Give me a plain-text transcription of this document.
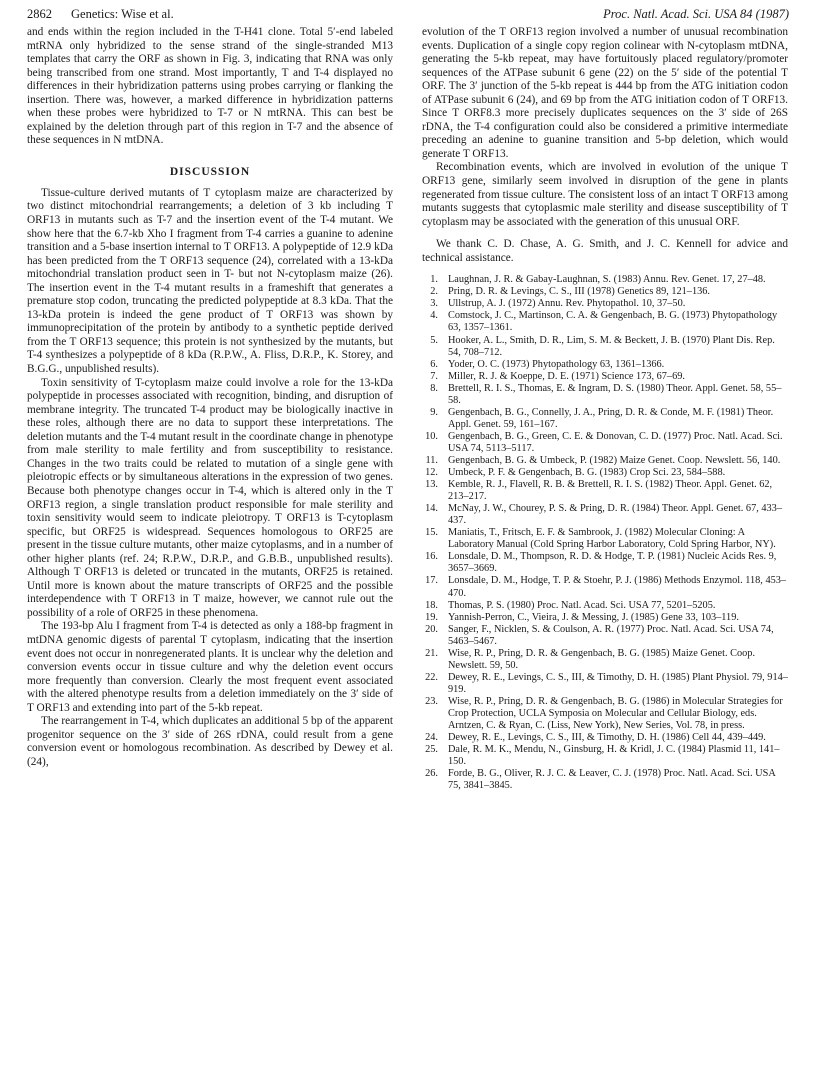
2862 Genetics: Wise et al.	Proc. Natl. Acad. Sci. USA 84 (1987)

and ends within the region included in the T-H41 clone. Total 5′-end labeled mtRNA only hybridized to the sense strand of the single-stranded M13 templates that carry the ORF as shown in Fig. 3, indicating that RNA was only being transcribed from one strand. Most importantly, T and T-4 displayed no differences in their hybridization patterns using probes carrying or flanking the insertion. There was, however, a marked difference in hybridization patterns when these probes were hybridized to T-7 or N mtRNA. This can best be explained by the deletion through part of this region in T-7 and the absence of these sequences in N mtDNA.

DISCUSSION

Tissue-culture derived mutants of T cytoplasm maize are characterized by two distinct mitochondrial rearrangements; a deletion of 3 kb including T ORF13 in mutants such as T-7 and the insertion event of the T-4 mutant. We show here that the 6.7-kb Xho I fragment from T-4 carries a guanine to adenine transition and a 5-base insertion internal to T ORF13. A polypeptide of 12.9 kDa has been predicted from the T ORF13 sequence (24), correlated with a 13-kDa mitochondrial translation product seen in T- but not N-cytoplasm maize (26). The insertion event in the T-4 mutant results in a frameshift that generates a premature stop codon, truncating the predicted polypeptide at 8.3 kDa. That the 13-kDa protein is indeed the gene product of T ORF13 was shown by immunoprecipitation of the protein by antibody to a synthetic peptide derived from the T ORF13 sequence; this protein is not synthesized by the mutants, but T-4 synthesizes a polypeptide of 8 kDa (R.P.W., A. Fliss, D.R.P., K. Storey, and B.G.G., unpublished results).

Toxin sensitivity of T-cytoplasm maize could involve a role for the 13-kDa polypeptide in processes associated with recognition, binding, and disruption of membrane integrity. The truncated T-4 product may be biologically inactive in these roles, although there are no data to support these interpretations. The deletion mutants and the T-4 mutant result in the coordinate change in phenotype from male sterility to male fertility and from susceptibility to resistance. Changes in the two traits could be related to mutation of a single gene with pleiotropic effects or by simultaneous alterations in the expression of two genes. Because both phenotype changes occur in T-4, which is altered only in the T ORF13 region, a single translation product responsible for male sterility and toxin sensitivity would seem to indicate pleiotropy. T ORF13 is T-cytoplasm specific, but ORF25 is widespread. Sequences homologous to ORF25 are present in the tissue culture mutants, other maize cytoplasms, and in a number of other higher plants (ref. 24; R.P.W., D.R.P., and G.B.B., unpublished results). Although T ORF13 is deleted or truncated in the mutants, ORF25 is retained. Until more is known about the mature transcripts of ORF25 and the possible interdependence with T ORF13 in T maize, however, we cannot rule out the possibility of a role of ORF25 in these phenomena.

The 193-bp Alu I fragment from T-4 is detected as only a 188-bp fragment in mtDNA genomic digests of parental T cytoplasm, indicating that the insertion event does not occur in nonregenerated plants. It is unclear why the deletion and conversion events occur in tissue culture and why the deletion event occurs more frequently than conversion. Clearly the most frequent event associated with the altered phenotype results from a deletion immediately on the 3′ side of T ORF13 and extending into part of the 5-kb repeat.

The rearrangement in T-4, which duplicates an additional 5 bp of the apparent progenitor sequence on the 3′ side of 26S rDNA, could result from a gene conversion event or homologous recombination. As described by Dewey et al. (24),

evolution of the T ORF13 region involved a number of unusual recombination events. Duplication of a single copy region colinear with N-cytoplasm mtDNA, generating the 5-kb repeat, may have fortuitously placed regulatory/promoter sequences of the ATPase subunit 6 gene (22) on the 5′ side of the potential T ORF. The 3′ junction of the 5-kb repeat is 444 bp from the ATG initiation codon of ATPase subunit 6 (24), and 69 bp from the ATG initiation codon of T ORF13. Since T ORF8.3 more precisely duplicates sequences on the 3′ side of 26S rDNA, the T-4 configuration could also be considered a primitive intermediate preceding an adenine to guanine transition and 5-bp deletion, which would generate T ORF13.

Recombination events, which are involved in evolution of the unique T ORF13 gene, similarly seem involved in disruption of the gene in plants regenerated from tissue culture. The consistent loss of an intact T ORF13 among mutants suggests that cytoplasmic male sterility and disease susceptibility of T cytoplasm may be associated with the generation of this unusual ORF.

We thank C. D. Chase, A. G. Smith, and J. C. Kennell for advice and technical assistance.

1. Laughnan, J. R. & Gabay-Laughnan, S. (1983) Annu. Rev. Genet. 17, 27–48.
2. Pring, D. R. & Levings, C. S., III (1978) Genetics 89, 121–136.
3. Ullstrup, A. J. (1972) Annu. Rev. Phytopathol. 10, 37–50.
4. Comstock, J. C., Martinson, C. A. & Gengenbach, B. G. (1973) Phytopathology 63, 1357–1361.
5. Hooker, A. L., Smith, D. R., Lim, S. M. & Beckett, J. B. (1970) Plant Dis. Rep. 54, 708–712.
6. Yoder, O. C. (1973) Phytopathology 63, 1361–1366.
7. Miller, R. J. & Koeppe, D. E. (1971) Science 173, 67–69.
8. Brettell, R. I. S., Thomas, E. & Ingram, D. S. (1980) Theor. Appl. Genet. 58, 55–58.
9. Gengenbach, B. G., Connelly, J. A., Pring, D. R. & Conde, M. F. (1981) Theor. Appl. Genet. 59, 161–167.
10. Gengenbach, B. G., Green, C. E. & Donovan, C. D. (1977) Proc. Natl. Acad. Sci. USA 74, 5113–5117.
11. Gengenbach, B. G. & Umbeck, P. (1982) Maize Genet. Coop. Newslett. 56, 140.
12. Umbeck, P. F. & Gengenbach, B. G. (1983) Crop Sci. 23, 584–588.
13. Kemble, R. J., Flavell, R. B. & Brettell, R. I. S. (1982) Theor. Appl. Genet. 62, 213–217.
14. McNay, J. W., Chourey, P. S. & Pring, D. R. (1984) Theor. Appl. Genet. 67, 433–437.
15. Maniatis, T., Fritsch, E. F. & Sambrook, J. (1982) Molecular Cloning: A Laboratory Manual (Cold Spring Harbor Laboratory, Cold Spring Harbor, NY).
16. Lonsdale, D. M., Thompson, R. D. & Hodge, T. P. (1981) Nucleic Acids Res. 9, 3657–3669.
17. Lonsdale, D. M., Hodge, T. P. & Stoehr, P. J. (1986) Methods Enzymol. 118, 453–470.
18. Thomas, P. S. (1980) Proc. Natl. Acad. Sci. USA 77, 5201–5205.
19. Yannish-Perron, C., Vieira, J. & Messing, J. (1985) Gene 33, 103–119.
20. Sanger, F., Nicklen, S. & Coulson, A. R. (1977) Proc. Natl. Acad. Sci. USA 74, 5463–5467.
21. Wise, R. P., Pring, D. R. & Gengenbach, B. G. (1985) Maize Genet. Coop. Newslett. 59, 50.
22. Dewey, R. E., Levings, C. S., III, & Timothy, D. H. (1985) Plant Physiol. 79, 914–919.
23. Wise, R. P., Pring, D. R. & Gengenbach, B. G. (1986) in Molecular Strategies for Crop Protection, UCLA Symposia on Molecular and Cellular Biology, eds. Arntzen, C. & Ryan, C. (Liss, New York), New Series, Vol. 78, in press.
24. Dewey, R. E., Levings, C. S., III, & Timothy, D. H. (1986) Cell 44, 439–449.
25. Dale, R. M. K., Mendu, N., Ginsburg, H. & Kridl, J. C. (1984) Plasmid 11, 141–150.
26. Forde, B. G., Oliver, R. J. C. & Leaver, C. J. (1978) Proc. Natl. Acad. Sci. USA 75, 3841–3845.
